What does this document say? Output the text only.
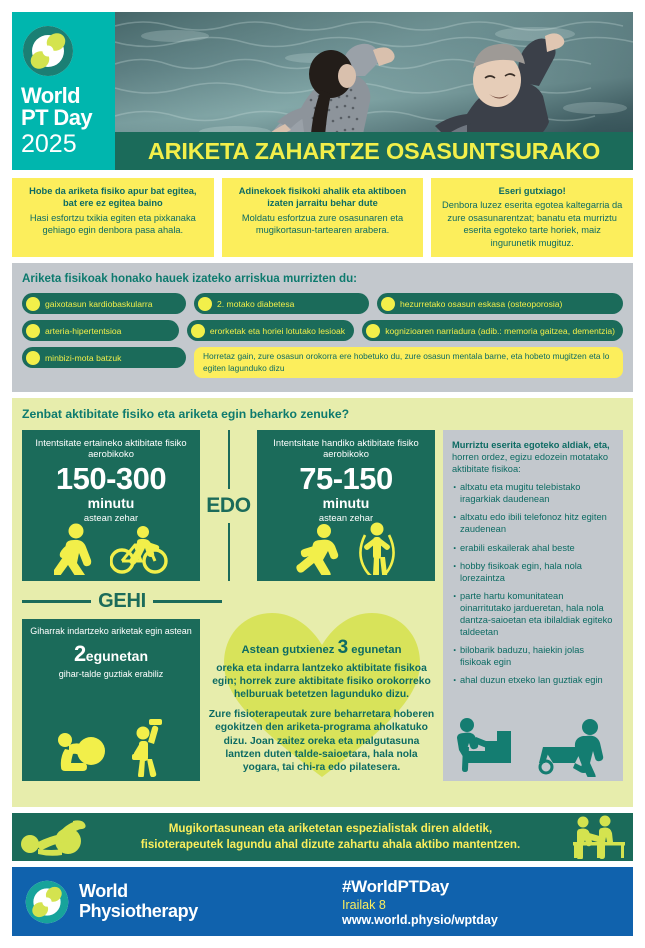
ARIKETA ZAHARTZE OSASUNTSURAKO
World
PT Day
2025
Hobe da ariketa fisiko apur bat egitea, bat ere ez egitea baino
Hasi esfortzu txikia egiten eta pixkanaka gehiago egin denbora pasa ahala.
Adinekoek fisikoki ahalik eta aktiboen izaten jarraitu behar dute
Moldatu esfortzua zure osasunaren eta mugikortasun-tartearen arabera.
Eseri gutxiago!
Denbora luzez eserita egotea kaltegarria da zure osasunarentzat; banatu eta murriztu eserita egoteko tarte horiek, maiz ingurunetik mugituz.
Ariketa fisikoak honako hauek izateko arriskua murrizten du:
gaixotasun kardiobaskularra	2. motako diabetesa	hezurretako osasun eskasa (osteoporosia)
arteria-hipertentsioa	erorketak eta horiei lotutako lesioak	kognizioaren narriadura (adib.: memoria gaitzea, dementzia)
minbizi-mota batzuk	Horretaz gain, zure osasun orokorra ere hobetuko du, zure osasun mentala barne, eta hobeto mugitzen eta lo egiten lagunduko dizu
Zenbat aktibitate fisiko eta ariketa egin beharko zenuke?
Intentsitate ertaineko aktibitate fisiko aerobikoko
150-300
minutu
astean zehar
EDO
Intentsitate handiko aktibitate fisiko aerobikoko
75-150
minutu
astean zehar
GEHI
Giharrak indartzeko ariketak egin astean
2egunetan
gihar-talde guztiak erabiliz
Astean gutxienez 3 egunetan
oreka eta indarra lantzeko aktibitate fisikoa egin; horrek zure aktibitate fisiko orokorreko helburuak betetzen lagunduko dizu.
Zure fisioterapeutak zure beharretara hoberen egokitzen den ariketa-programa aholkatuko dizu. Joan zaitez oreka eta malgutasuna lantzen duten talde-saioetara, hala nola yogara, tai chi-ra edo pilatesera.
Murriztu eserita egoteko aldiak, eta, horren ordez, egizu edozein motatako aktibitate fisikoa:
· altxatu eta mugitu telebistako iragarkiak daudenean
· altxatu edo ibili telefonoz hitz egiten zaudenean
· erabili eskailerak ahal beste
· hobby fisikoak egin, hala nola lorezaintza
· parte hartu komunitatean oinarritutako jardueretan, hala nola dantza-saioetan eta ibilaldiak egiteko taldeetan
· bilobarik baduzu, haiekin jolas fisikoak egin
· ahal duzun etxeko lan guztiak egin
Mugikortasunean eta ariketetan espezialistak diren aldetik,
fisioterapeutek lagundu ahal dizute zahartu ahala aktibo mantentzen.
World
Physiotherapy
#WorldPTDay
Irailak 8
www.world.physio/wptday
